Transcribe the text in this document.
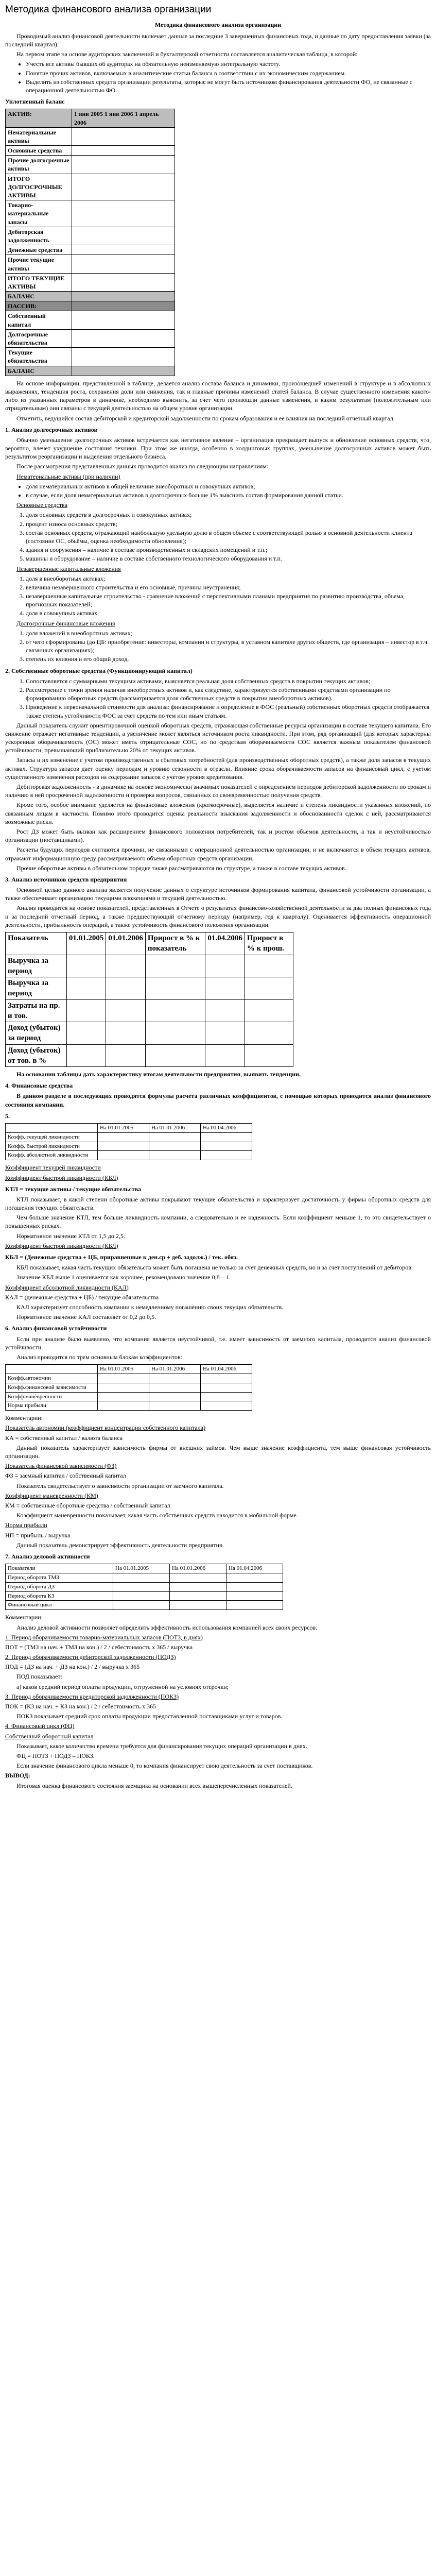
Методика финансового анализа организации
Методика финансового анализа организации

Проводимый анализ финансовой деятельности включает данные за последние 3 завершенных финансовых года, и данные по дату предоставления заявки (за последний квартал).

На первом этапе на основе аудиторских заключений и бухгалтерской отчетности составляется аналитическая таблица, в которой:

• Учесть все активы бывших об аудиторах на обязательную неизменяемую интегральную частоту.
• Понятие прочих активов, включаемых в аналитические статьи баланса в соответствии с их экономическим содержанием.
• Выделить из собственных средств организации результаты, которые не могут быть источником финансирования деятельности ФО, не связанные с операционной деятельностью ФО.
Уплотненный баланс
АКТИВ:	1 янв 2005 1 янв 2006 1 апрель 2006
Нематериальные активы	
Основные средства	
Прочие долгосрочные активы	
ИТОГО ДОЛГОСРОЧНЫЕ АКТИВЫ	
Товарно-материальные запасы	
Дебиторская задолженность	
Денежные средства	
Прочие текущие активы	
ИТОГО ТЕКУЩИЕ АКТИВЫ	
БАЛАНС	
ПАССИВ:	
Собственный капитал	
Долгосрочные обязательства	
Текущие обязательства	
БАЛАНС	

На основе информации, представленной в таблице, делается анализ состава баланса и динамики, произошедшей изменений в структуре и в абсолютных выражениях, тенденция роста, сохранения доли или снижения, так и главные причины изменений статей баланса. В случае существенного изменения какого-либо из указанных параметров в динамике, необходимо выяснить, за счет чего произошли данные изменения, и каким результатам (положительным или отрицательным) они связаны с текущей деятельностью на общем уровне организации.

Отметить, ведущийся состав дебиторской и кредиторской задолженности по срокам образования и ее влияния на последний отчетный квартал.

1. Анализ долгосрочных активов

Обычно уменьшение долгосрочных активов встречается как негативное явление – организация прекращает выпуск и обновление основных средств, что, вероятно, влечет ухудшение состояния техники. При этом же иногда, особенно в холдинговых группах, уменьшение долгосрочных активов может быть результатом реорганизации и выделения отдельного бизнеса.

После рассмотрения представленных данных проводится анализ по следующим направлениям:

Нематериальные активы (при наличии)

• доля нематериальных активов в общей величине внеоборотных и совокупных активов;
• в случае, если доля нематериальных активов в долгосрочных больше 1% выяснить состав формирования данной статьи.

Основные средства

1. доля основных средств в долгосрочных и совокупных активах;
2. процент износа основных средств;
3. состав основных средств, отражающий наибольшую удельную долю в общем объеме с соответствующей ролью в основной деятельности клиента (состояние ОС, обьёмы, оценка необходимости обновления);
4. здания и сооружения – наличие в составе производственных и складских помещений и т.п.;
5. машины и оборудование – наличие в составе собственного технологического оборудования и т.п.

Незавершенные капитальные вложения

1. доля в внеоборотных активах;
2. величина незавершенного строительства и его основные, причины неустранения;
3. незавершенные капитальные строительство - сравнение вложений с перспективными планами предприятия по развитию производства, объема, прогнозных показателей;
4. доля в совокупных активах.

Долгосрочные финансовые вложения

1. доля вложений в внеоборотных активах;
2. от чего сформированы (до ЦБ: приобретение: инвесторы, компании и структуры, в уставном капитале других обществ, где организация – инвестор в т.ч. связанных организациях);
3. степень их влияния и его общий доход.
2. Собственные оборотные средства (Функционирующий капитал)
1. Сопоставляется с суммарными текущими активами, выясняется реальная доля собственных средств в покрытии текущих активов;
2. Рассмотрение с точки зрения наличия внеоборотных активов и, как следствие, характеризуется собственными средствами организации по формированию оборотных средств (рассматривается доля собственных средств в покрытии внеоборотных активов).
3. Приведение к первоначальной стоимости для анализа: финансирование и определение в ФОС (реальный) собственных оборотных средств отображается также степень устойчивости ФОС за счет средств по тем или иным статьям.

Данный показатель служит ориентировочной оценкой оборотных средств, отражающая собственные ресурсы организации в составе текущего капитала. Его снижение отражает негативные тенденции, а увеличение может являться источником роста ликвидности. При этом, ряд организаций (для которых характерны ускоренная оборачиваемость (ОС) может иметь отрицательные СОС, но по средствам оборачиваемости СОС является важным показателем финансовой устойчивости, превышающий приблизительно 20% от текущих активов.

Запасы и их изменение с учетом производственных и сбытовых потребностей (для производственных оборотных средств), а также доля запасов в текущих активах. Структура запасов дает оценку периодам и уровню сезонности в отрасли. Влияние срока оборачиваемости запасов на финансовый цикл, с учетом существенного изменения расходов на содержание запасов с учетом уровня кредитования.

Дебиторская задолженность - в динамике на основе экономически значимых показателей с определением периодов дебиторской задолженности по срокам и наличию в ней просроченной задолженности и проверка вопросов, связанных со своевременностью получения средств.

Кроме того, особое внимание уделяется на финансовые вложения (краткосрочные), выделяется наличие и степень ликвидности указанных вложений, по связанным лицам в частности. Помимо этого проводится оценка реальности взыскания задолженности и обоснованности сделок с ней, рассматриваются возможные риски.

Рост ДЗ может быть вызван как расширением финансового положения потребителей, так и ростом объемов деятельности, а так и неустойчивостью организации (поставщиками).

Расчеты будущих периодов считаются прочими, не связанными с операционной деятельностью организации, и не включаются в объем текущих активов, отражают информационную среду рассматриваемого объема оборотных средств организации.

Прочие оборотные активы в обязательном порядке также рассматриваются по структуре, а также в составе текущих активов.

3. Анализ источников средств предприятия

Основной целью данного анализа является получение данных о структуре источников формирования капитала, финансовой устойчивости организации, а также обеспечивает организацию текущими вложениями и текущей деятельностью.

Анализ проводится на основе показателей, представленных в Отчете о результатах финансово-хозяйственной деятельности за два полных финансовых года и за последний отчетный период, а также предшествующий отчетному периоду (например, год к кварталу). Оценивается эффективность операционной деятельности, прибыльность операций, а также устойчивость финансового положения организации.

Показатель	01.01.2005	01.01.2006	Прирост в % к показатель	01.04.2006	Прирост в % к прош.
Выручка за период					
Выручка за период					
Затраты на пр. и тов.					
Доход (убыток) за период					
Доход (убыток) от тов. в %					

На основании таблицы дать характеристику итогам деятельности предприятия, выявить тенденции.

4. Финансовые средства

В данном разделе в последующих проводятся формулы расчета различных коэффициентов, с помощью которых проводится анализ финансового состояния компании.

5.
	На 01.01.2005	На 01.01.2006	На 01.04.2006
Коэфф. текущей ликвидности			
Коэфф. быстрой ликвидности			
Коэфф. абсолютной ликвидности			

Коэффициент текущей ликвидности

Коэффициент быстрой ликвидности (КБЛ)

КТЛ = текущие активы / текущие обязательства

КТЛ показывает, в какой степени оборотные активы покрывают текущие обязательства и характеризует достаточность у фирмы оборотных средств для погашения текущих обязательств.

Чем больше значение КТЛ, тем больше ликвидность компании, а следовательно и ее надежность. Если коэффициент меньше 1, то это свидетельствует о повышенных рисках.

Нормативное значение КТЛ от 1,5 до 2,5.

Коэффициент быстрой ликвидности (КБЛ)

КБЛ = (Денежные средства + ЦБ, приравненные к ден.ср + деб. задолж.) / тек. обяз.

КБЛ показывает, какая часть текущих обязательств может быть погашена не только за счет денежных средств, но и за счет поступлений от дебиторов.

Значение КБЛ выше 1 оценивается как хорошее, рекомендовано значение 0,8 – 1.

Коэффициент абсолютной ликвидности (КАЛ)

КАЛ = (денежные средства + ЦБ) / текущие обязательства

КАЛ характеризует способность компании к немедленному погашению своих текущих обязательств.

Нормативное значение КАЛ составляет от 0,2 до 0,5.

6. Анализ финансовой устойчивости

Если при анализе было выявлено, что компания является неустойчивой, т.е. имеет зависимость от заемного капитала, проводится анализ финансовой устойчивости.

Анализ проводится по трем основным блокам коэффициентов:

	На 01.01.2005	На 01.01.2006	На 01.04.2006
Коэфф.автономии			
Коэфф.финансовой зависимости			
Коэфф.манёвренности			
Норма прибыли			

Комментарии:

Показатель автономии (коэффициент концентрации собственного капитала)

КА = собственный капитал / валюта баланса

Данный показатель характеризует зависимость фирмы от внешних займов. Чем выше значение коэффициента, тем выше финансовая устойчивость организации.

Показатель финансовой зависимости (ФЗ)

ФЗ = заемный капитал / собственный капитал

Показатель свидетельствует о зависимости организации от заемного капитала.

Коэффициент маневренности (КМ)

КМ = собственные оборотные средства / собственный капитал

Коэффициент маневренности показывает, какая часть собственных средств находится в мобильной форме.

Норма прибыли

НП = прибыль / выручка

Данный показатель демонстрирует эффективность деятельности предприятия.

7. Анализ деловой активности
Показатели	На 01.01.2005	На 01.01.2006	На 01.04.2006
Период оборота ТМЗ			
Период оборота ДЗ			
Период оборота КЗ			
Финансовый цикл			

Комментарии:

Анализ деловой активности позволяет определить эффективность использования компанией всех своих ресурсов.

1. Период оборачиваемости товарно-материальных запасов (ПОТЗ, в днях)

ПОТ = (ТМЗ на нач. + ТМЗ на кон.) / 2 / себестоимость x 365 / выручка

2. Период оборачиваемости дебиторской задолженности (ПОДЗ)

ПОД = (ДЗ на нач. + ДЗ на кон.) / 2 / выручка x 365

ПОД показывает:

а) каков средний период оплаты продукции, отгруженной на условиях отсрочки;

3. Период оборачиваемости кредиторской задолженности (ПОКЗ)

ПОК = (КЗ на нач. + КЗ на кон.) / 2 / себестоимость x 365

ПОКЗ показывает средний срок оплаты продукции предоставленной поставщиками услуг и товаров.

4. Финансовый цикл (ФЦ)

Собственный оборотный капитал

Показывает, какое количество времени требуется для финансирования текущих операций организации в днях.

ФЦ = ПОТЗ + ПОДЗ – ПОКЗ.

Если значение финансового цикла меньше 0, то компания финансирует свою деятельность за счет поставщиков.

ВЫВОД:

Итоговая оценка финансового состояния заемщика на основании всех вышеперечисленных показателей.
